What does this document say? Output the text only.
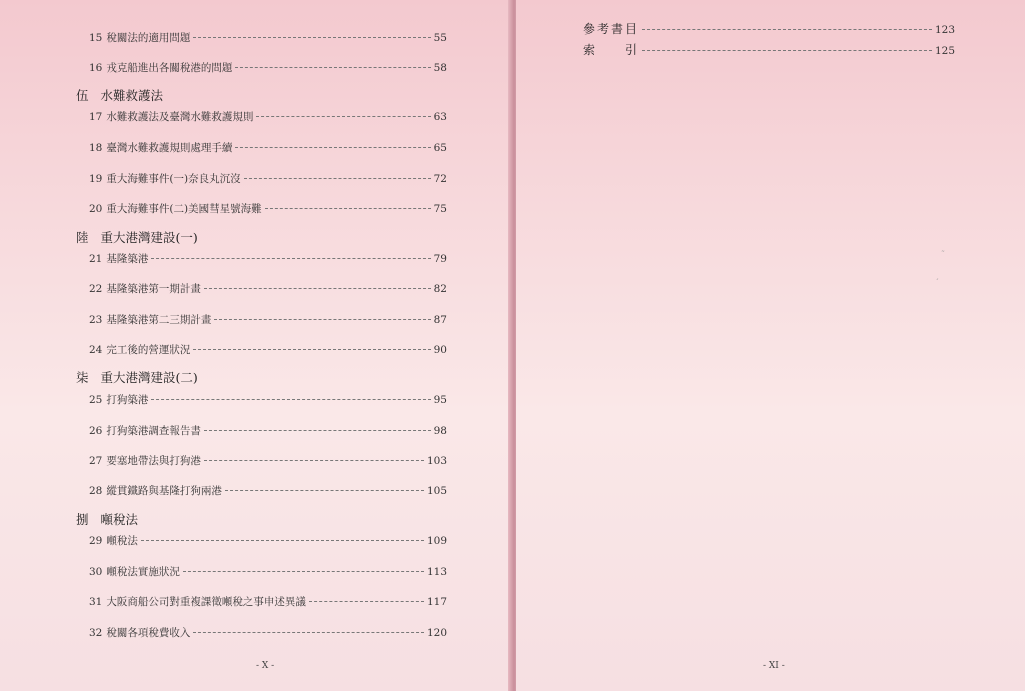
15 稅關法的適用問題	55
16 戎克船進出各關稅港的問題	58
伍 水難救護法
17 水難救護法及臺灣水難救護規則	63
18 臺灣水難救護規則處理手續	65
19 重大海難事件(一)奈良丸沉沒	72
20 重大海難事件(二)美國彗星號海難	75
陸 重大港灣建設(一)
21 基隆築港	79
22 基隆築港第一期計畫	82
23 基隆築港第二三期計畫	87
24 完工後的營運狀況	90
柒 重大港灣建設(二)
25 打狗築港	95
26 打狗築港調查報告書	98
27 要塞地帶法與打狗港	103
28 縱貫鐵路與基隆打狗兩港	105
捌 噸稅法
29 噸稅法	109
30 噸稅法實施狀況	113
31 大阪商船公司對重複課徵噸稅之事申述異議	117
32 稅關各項稅費收入	120
- X -
參考書目	123
索　　引	125
- XI -
˜
ˊ
